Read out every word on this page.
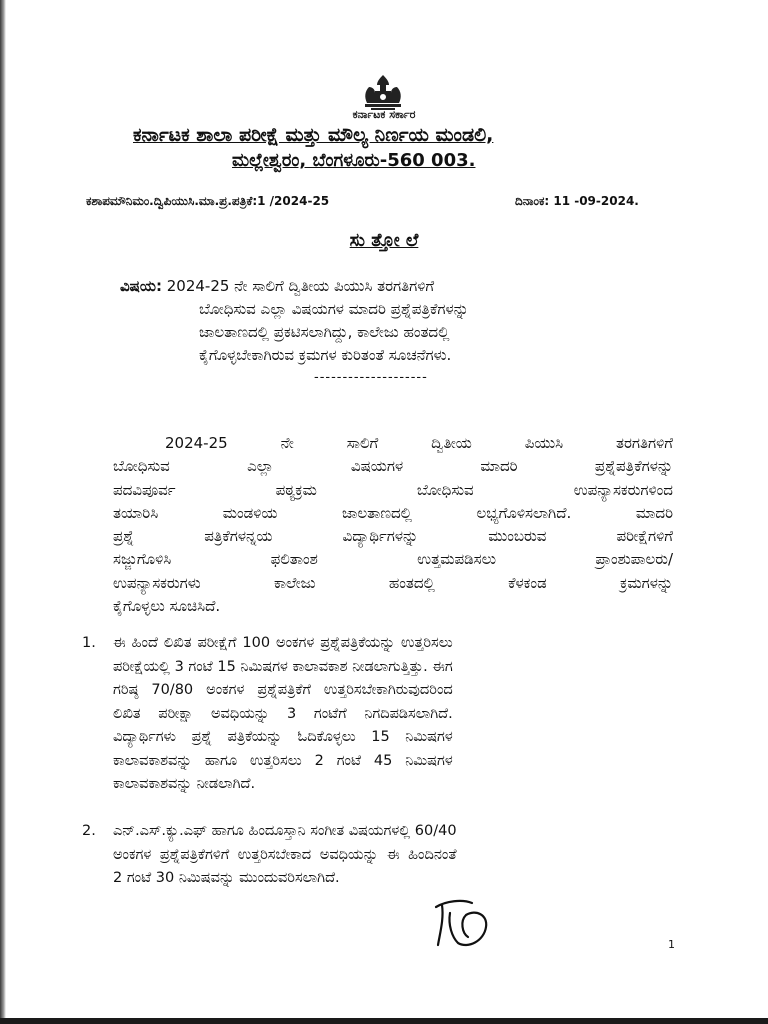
ಕರ್ನಾಟಕ ಸರ್ಕಾರ
ಕರ್ನಾಟಕ ಶಾಲಾ ಪರೀಕ್ಷೆ ಮತ್ತು ಮೌಲ್ಯ ನಿರ್ಣಯ ಮಂಡಲಿ,
ಮಲ್ಲೇಶ್ವರಂ, ಬೆಂಗಳೂರು-560 003.
ಕಶಾಪಮೌನಿಮಂ.ದ್ವಿಪಿಯುಸಿ.ಮಾ.ಪ್ರ.ಪತ್ರಿಕೆ:1 /2024-25	ದಿನಾಂಕ: 11 -09-2024.
ಸು ತ್ತೋ ಲೆ

ವಿಷಯ: 2024-25 ನೇ ಸಾಲಿಗೆ ದ್ವಿತೀಯ ಪಿಯುಸಿ ತರಗತಿಗಳಿಗೆ

ಬೋಧಿಸುವ ಎಲ್ಲಾ ವಿಷಯಗಳ ಮಾದರಿ ಪ್ರಶ್ನೆಪತ್ರಿಕೆಗಳನ್ನು

ಜಾಲತಾಣದಲ್ಲಿ ಪ್ರಕಟಿಸಲಾಗಿದ್ದು, ಕಾಲೇಜು ಹಂತದಲ್ಲಿ

ಕೈಗೊಳ್ಳಬೇಕಾಗಿರುವ ಕ್ರಮಗಳ ಕುರಿತಂತೆ ಸೂಚನೆಗಳು.

--------------------

2024-25 ನೇ ಸಾಲಿಗೆ ದ್ವಿತೀಯ ಪಿಯುಸಿ ತರಗತಿಗಳಿಗೆ

ಬೋಧಿಸುವ ಎಲ್ಲಾ ವಿಷಯಗಳ ಮಾದರಿ ಪ್ರಶ್ನೆಪತ್ರಿಕೆಗಳನ್ನು

ಪದವಿಪೂರ್ವ ಪಠ್ಯಕ್ರಮ ಬೋಧಿಸುವ ಉಪನ್ಯಾಸಕರುಗಳಿಂದ

ತಯಾರಿಸಿ ಮಂಡಳಿಯ ಜಾಲತಾಣದಲ್ಲಿ ಲಭ್ಯಗೊಳಿಸಲಾಗಿದೆ. ಮಾದರಿ

ಪ್ರಶ್ನೆ ಪತ್ರಿಕೆಗಳನ್ನಯ ವಿದ್ಯಾರ್ಥಿಗಳನ್ನು ಮುಂಬರುವ ಪರೀಕ್ಷೆಗಳಿಗೆ

ಸಜ್ಜುಗೊಳಿಸಿ ಫಲಿತಾಂಶ ಉತ್ತಮಪಡಿಸಲು ಪ್ರಾಂಶುಪಾಲರು/

ಉಪನ್ಯಾಸಕರುಗಳು ಕಾಲೇಜು ಹಂತದಲ್ಲಿ ಕೆಳಕಂಡ ಕ್ರಮಗಳನ್ನು

ಕೈಗೊಳ್ಳಲು ಸೂಚಿಸಿದೆ.

1.	ಈ ಹಿಂದೆ ಲಿಖಿತ ಪರೀಕ್ಷೆಗೆ 100 ಅಂಕಗಳ ಪ್ರಶ್ನೆಪತ್ರಿಕೆಯನ್ನು ಉತ್ತರಿಸಲು

ಪರೀಕ್ಷೆಯಲ್ಲಿ 3 ಗಂಟೆ 15 ನಿಮಿಷಗಳ ಕಾಲಾವಕಾಶ ನೀಡಲಾಗುತ್ತಿತ್ತು. ಈಗ

ಗರಿಷ್ಠ 70/80 ಅಂಕಗಳ ಪ್ರಶ್ನೆಪತ್ರಿಕೆಗೆ ಉತ್ತರಿಸಬೇಕಾಗಿರುವುದರಿಂದ

ಲಿಖಿತ ಪರೀಕ್ಷಾ ಅವಧಿಯನ್ನು 3 ಗಂಟೆಗೆ ನಿಗದಿಪಡಿಸಲಾಗಿದೆ.

ವಿದ್ಯಾರ್ಥಿಗಳು ಪ್ರಶ್ನೆ ಪತ್ರಿಕೆಯನ್ನು ಓದಿಕೊಳ್ಳಲು 15 ನಿಮಿಷಗಳ

ಕಾಲಾವಕಾಶವನ್ನು ಹಾಗೂ ಉತ್ತರಿಸಲು 2 ಗಂಟೆ 45 ನಿಮಿಷಗಳ

ಕಾಲಾವಕಾಶವನ್ನು ನೀಡಲಾಗಿದೆ.

2.	ಎನ್.ಎಸ್.ಕ್ಯು.ಎಫ್ ಹಾಗೂ ಹಿಂದೂಸ್ತಾನಿ ಸಂಗೀತ ವಿಷಯಗಳಲ್ಲಿ 60/40

ಅಂಕಗಳ ಪ್ರಶ್ನೆಪತ್ರಿಕೆಗಳಿಗೆ ಉತ್ತರಿಸಬೇಕಾದ ಅವಧಿಯನ್ನು ಈ ಹಿಂದಿನಂತೆ

2 ಗಂಟೆ 30 ನಿಮಿಷವನ್ನು ಮುಂದುವರಿಸಲಾಗಿದೆ.

1
